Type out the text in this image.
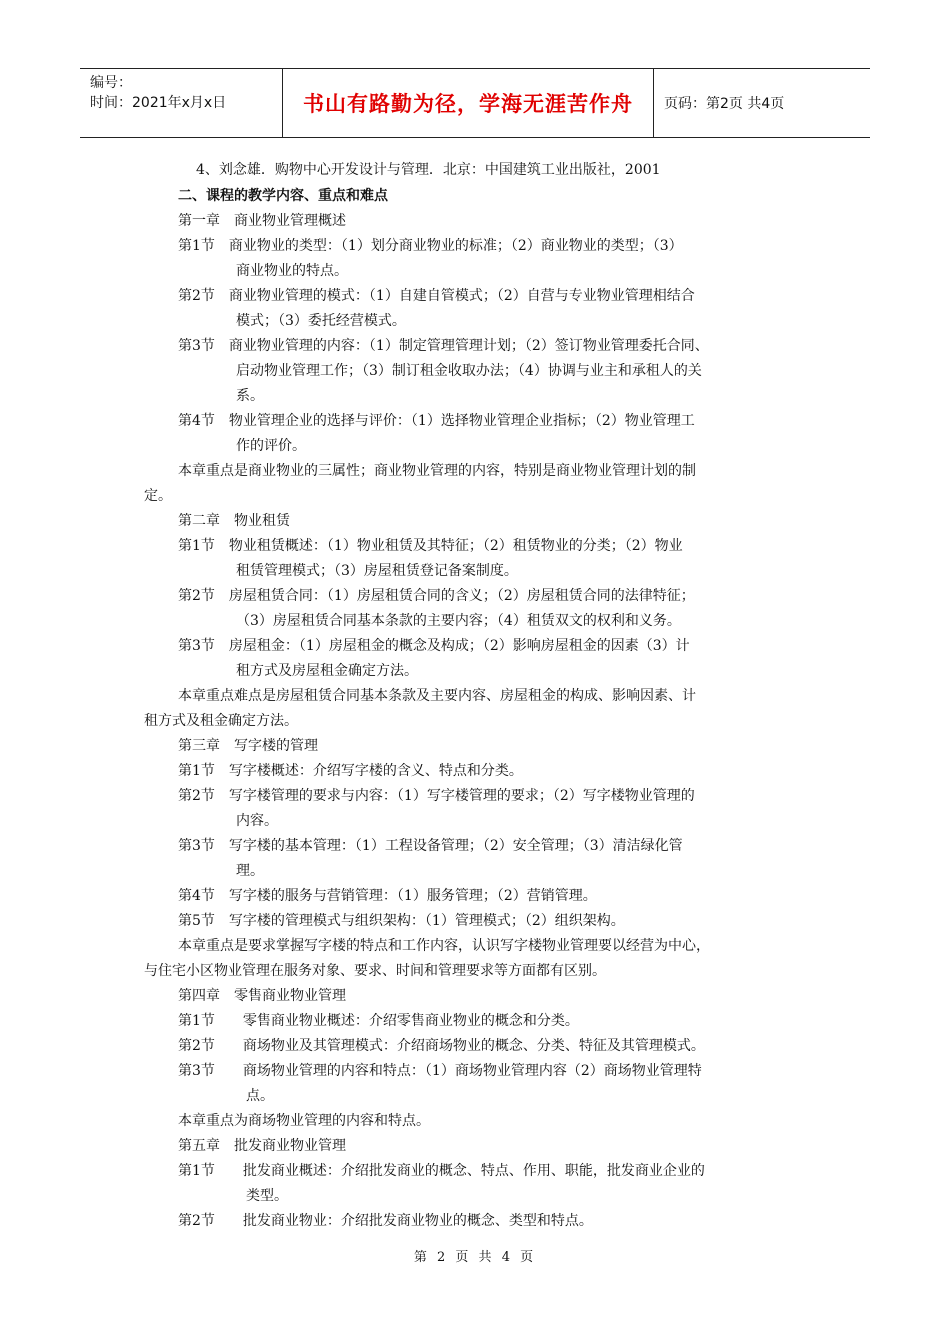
编号：
时间：2021年x月x日	书山有路勤为径，学海无涯苦作舟	页码：第2页 共4页
4、刘念雄．购物中心开发设计与管理．北京：中国建筑工业出版社，2001
二、课程的教学内容、重点和难点
第一章　商业物业管理概述
第1节　商业物业的类型：（1）划分商业物业的标准；（2）商业物业的类型；（3）
商业物业的特点。
第2节　商业物业管理的模式：（1）自建自管模式；（2）自营与专业物业管理相结合
模式；（3）委托经营模式。
第3节　商业物业管理的内容：（1）制定管理管理计划；（2）签订物业管理委托合同、
启动物业管理工作；（3）制订租金收取办法；（4）协调与业主和承租人的关
系。
第4节　物业管理企业的选择与评价：（1）选择物业管理企业指标；（2）物业管理工
作的评价。
本章重点是商业物业的三属性；商业物业管理的内容，特别是商业物业管理计划的制
定。
第二章　物业租赁
第1节　物业租赁概述：（1）物业租赁及其特征；（2）租赁物业的分类；（2）物业
租赁管理模式；（3）房屋租赁登记备案制度。
第2节　房屋租赁合同：（1）房屋租赁合同的含义；（2）房屋租赁合同的法律特征；
（3）房屋租赁合同基本条款的主要内容；（4）租赁双文的权利和义务。
第3节　房屋租金：（1）房屋租金的概念及构成；（2）影响房屋租金的因素（3）计
租方式及房屋租金确定方法。
本章重点难点是房屋租赁合同基本条款及主要内容、房屋租金的构成、影响因素、计
租方式及租金确定方法。
第三章　写字楼的管理
第1节　写字楼概述：介绍写字楼的含义、特点和分类。
第2节　写字楼管理的要求与内容：（1）写字楼管理的要求；（2）写字楼物业管理的
内容。
第3节　写字楼的基本管理：（1）工程设备管理；（2）安全管理；（3）清洁绿化管
理。
第4节　写字楼的服务与营销管理：（1）服务管理；（2）营销管理。
第5节　写字楼的管理模式与组织架构：（1）管理模式；（2）组织架构。
本章重点是要求掌握写字楼的特点和工作内容，认识写字楼物业管理要以经营为中心，
与住宅小区物业管理在服务对象、要求、时间和管理要求等方面都有区别。
第四章　零售商业物业管理
第1节　　零售商业物业概述：介绍零售商业物业的概念和分类。
第2节　　商场物业及其管理模式：介绍商场物业的概念、分类、特征及其管理模式。
第3节　　商场物业管理的内容和特点：（1）商场物业管理内容（2）商场物业管理特
点。
本章重点为商场物业管理的内容和特点。
第五章　批发商业物业管理
第1节　　批发商业概述：介绍批发商业的概念、特点、作用、职能，批发商业企业的
类型。
第2节　　批发商业物业：介绍批发商业物业的概念、类型和特点。
第 2 页 共 4 页
